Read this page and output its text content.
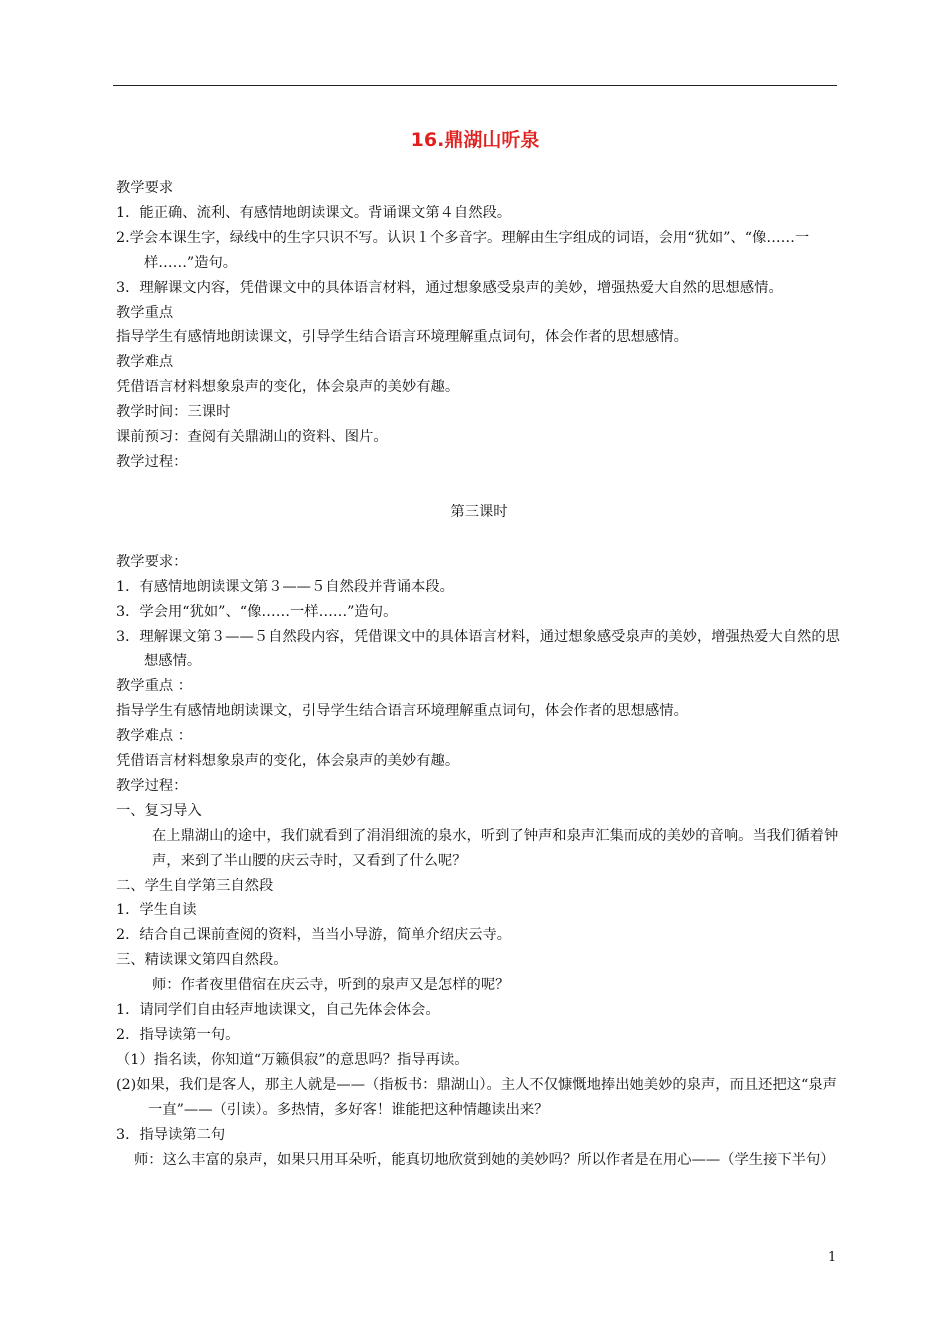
16.鼎湖山听泉

教学要求

1．能正确、流利、有感情地朗读课文。背诵课文第４自然段。

2.学会本课生字，绿线中的生字只识不写。认识１个多音字。理解由生字组成的词语，会用“犹如”、“像……一样……”造句。

3．理解课文内容，凭借课文中的具体语言材料，通过想象感受泉声的美妙，增强热爱大自然的思想感情。

教学重点

指导学生有感情地朗读课文，引导学生结合语言环境理解重点词句，体会作者的思想感情。

教学难点

凭借语言材料想象泉声的变化，体会泉声的美妙有趣。

教学时间：三课时

课前预习：查阅有关鼎湖山的资料、图片。

教学过程：

第三课时

教学要求：

1．有感情地朗读课文第３——５自然段并背诵本段。

3．学会用“犹如”、“像……一样……”造句。

3．理解课文第３——５自然段内容，凭借课文中的具体语言材料，通过想象感受泉声的美妙，增强热爱大自然的思想感情。

教学重点 ：

指导学生有感情地朗读课文，引导学生结合语言环境理解重点词句，体会作者的思想感情。

教学难点 ：

凭借语言材料想象泉声的变化，体会泉声的美妙有趣。

教学过程：

一、复习导入

在上鼎湖山的途中，我们就看到了涓涓细流的泉水，听到了钟声和泉声汇集而成的美妙的音响。当我们循着钟声，来到了半山腰的庆云寺时，又看到了什么呢？

二、学生自学第三自然段

1．学生自读

2．结合自己课前查阅的资料，当当小导游，简单介绍庆云寺。

三、精读课文第四自然段。

师：作者夜里借宿在庆云寺，听到的泉声又是怎样的呢？

1．请同学们自由轻声地读课文，自己先体会体会。

2．指导读第一句。

（1）指名读，你知道“万籁俱寂”的意思吗？指导再读。

(2)如果，我们是客人，那主人就是——（指板书：鼎湖山）。主人不仅慷慨地捧出她美妙的泉声，而且还把这“泉声一直”——（引读）。多热情，多好客！谁能把这种情趣读出来？

3．指导读第二句

师：这么丰富的泉声，如果只用耳朵听，能真切地欣赏到她的美妙吗？所以作者是在用心——（学生接下半句）

1
